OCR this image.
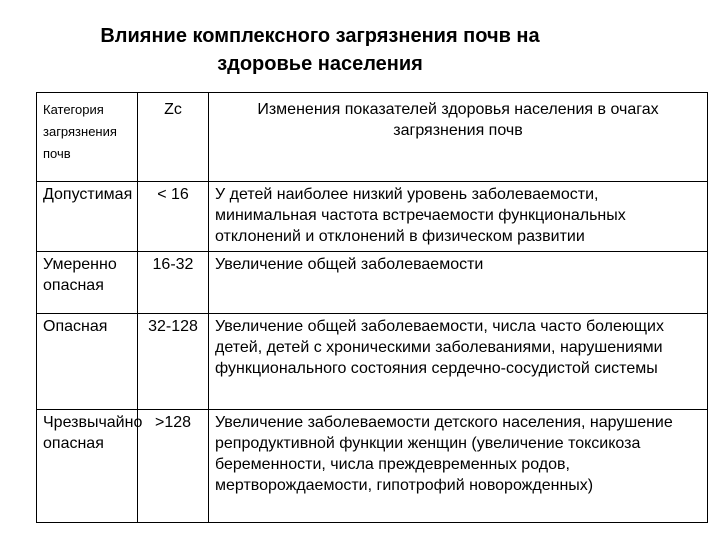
Влияние комплексного загрязнения почв на
здоровье населения
Категория загрязнения почв	Zc	Изменения показателей здоровья населения в очагах загрязнения почв
Допустимая	< 16	У детей наиболее низкий уровень заболеваемости, минимальная частота встречаемости функциональных отклонений и отклонений в физическом развитии
Умеренно опасная	16-32	Увеличение общей заболеваемости
Опасная	32-128	Увеличение общей заболеваемости, числа часто болеющих детей, детей с хроническими заболеваниями, нарушениями функционального состояния сердечно-сосудистой системы
Чрезвычайно опасная	>128	Увеличение заболеваемости детского населения, нарушение репродуктивной функции женщин (увеличение токсикоза беременности, числа преждевременных родов, мертворождаемости, гипотрофий новорожденных)
